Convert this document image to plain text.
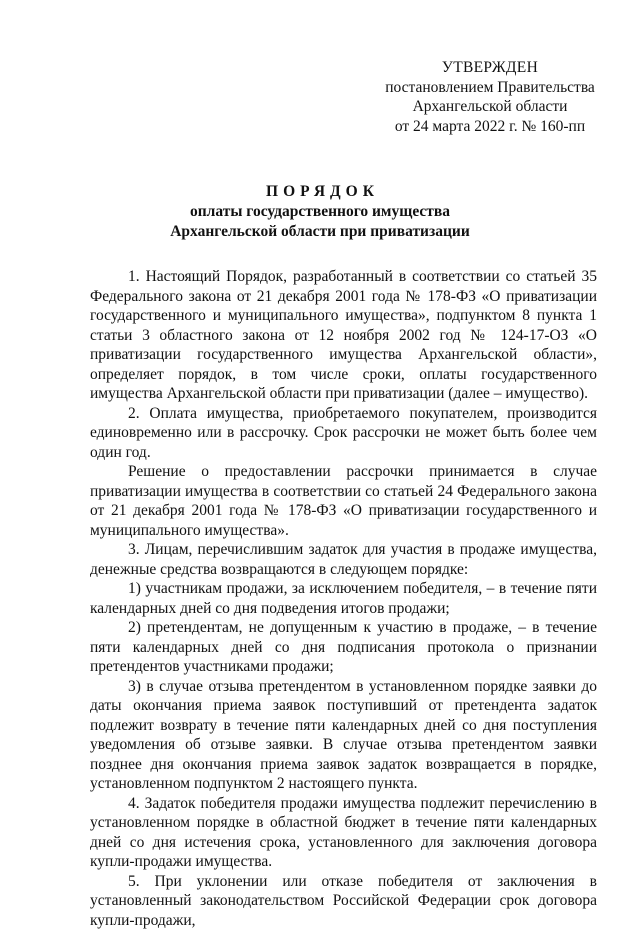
УТВЕРЖДЕН
постановлением Правительства
Архангельской области
от 24 марта 2022 г. № 160-пп
ПОРЯДОК
оплаты государственного имущества
Архангельской области при приватизации

1. Настоящий Порядок, разработанный в соответствии со статьей 35 Федерального закона от 21 декабря 2001 года № 178-ФЗ «О приватизации государственного и муниципального имущества», подпунктом 8 пункта 1 статьи 3 областного закона от 12 ноября 2002 год № 124-17-ОЗ «О приватизации государственного имущества Архангельской области», определяет порядок, в том числе сроки, оплаты государственного имущества Архангельской области при приватизации (далее – имущество).

2. Оплата имущества, приобретаемого покупателем, производится единовременно или в рассрочку. Срок рассрочки не может быть более чем один год.

Решение о предоставлении рассрочки принимается в случае приватизации имущества в соответствии со статьей 24 Федерального закона от 21 декабря 2001 года № 178-ФЗ «О приватизации государственного и муниципального имущества».

3. Лицам, перечислившим задаток для участия в продаже имущества, денежные средства возвращаются в следующем порядке:

1) участникам продажи, за исключением победителя, – в течение пяти календарных дней со дня подведения итогов продажи;

2) претендентам, не допущенным к участию в продаже, – в течение пяти календарных дней со дня подписания протокола о признании претендентов участниками продажи;

3) в случае отзыва претендентом в установленном порядке заявки до даты окончания приема заявок поступивший от претендента задаток подлежит возврату в течение пяти календарных дней со дня поступления уведомления об отзыве заявки. В случае отзыва претендентом заявки позднее дня окончания приема заявок задаток возвращается в порядке, установленном подпунктом 2 настоящего пункта.

4. Задаток победителя продажи имущества подлежит перечислению в установленном порядке в областной бюджет в течение пяти календарных дней со дня истечения срока, установленного для заключения договора купли-продажи имущества.

5. При уклонении или отказе победителя от заключения в установленный законодательством Российской Федерации срок договора купли-продажи,
